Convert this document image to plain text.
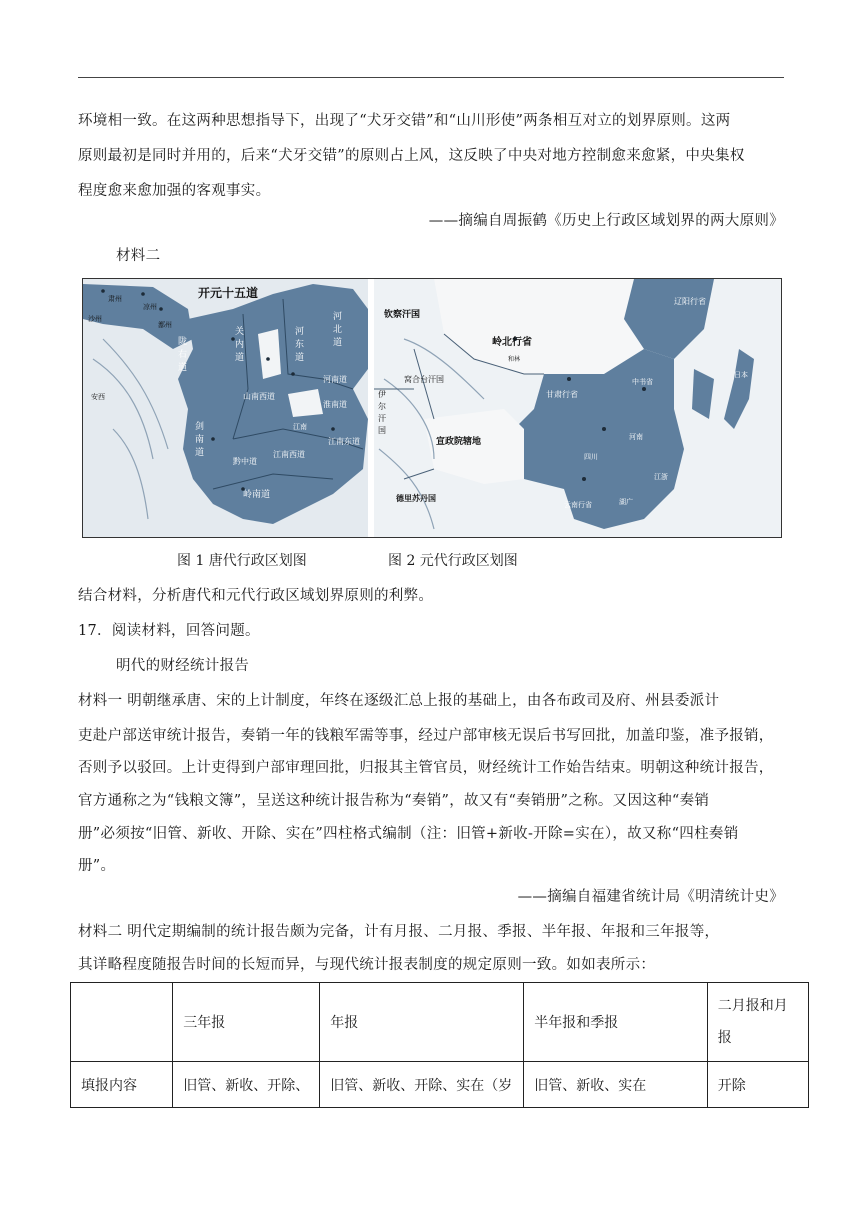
环境相一致。在这两种思想指导下，出现了“犬牙交错”和“山川形使”两条相互对立的划界原则。这两
原则最初是同时并用的，后来“犬牙交错”的原则占上风，这反映了中央对地方控制愈来愈紧，中央集权
程度愈来愈加强的客观事实。
——摘编自周振鹤《历史上行政区域划界的两大原则》
材料二
开元十五道
肃州
沙州
凉州
鄯州
陇
右
道
关
内
道
河
东
道
河
北
道
山南西道
淮南道
河南道
剑
南
道
江南东道
江南西道
黔中道
岭南道
安西
江南
钦察汗国
岭北行省
和林
窝合台汗国
伊
尔
汗
国
甘肃行省
宣政院辖地
德里苏丹国
中书省
辽阳行省
日本
河南
云南行省
江浙
湖广
四川
图 1 唐代行政区划图	图 2 元代行政区划图
结合材料，分析唐代和元代行政区域划界原则的利弊。
17．阅读材料，回答问题。
明代的财经统计报告
材料一 明朝继承唐、宋的上计制度，年终在逐级汇总上报的基础上，由各布政司及府、州县委派计
吏赴户部送审统计报告，奏销一年的钱粮军需等事，经过户部审核无误后书写回批，加盖印鉴，准予报销，
否则予以驳回。上计吏得到户部审理回批，归报其主管官员，财经统计工作始告结束。明朝这种统计报告，
官方通称之为“钱粮文簿”，呈送这种统计报告称为“奏销”，故又有“奏销册”之称。又因这种“奏销
册”必须按“旧管、新收、开除、实在”四柱格式编制（注：旧管+新收-开除=实在），故又称“四柱奏销
册”。
——摘编自福建省统计局《明清统计史》
材料二 明代定期编制的统计报告颇为完备，计有月报、二月报、季报、半年报、年报和三年报等，
其详略程度随报告时间的长短而异，与现代统计报表制度的规定原则一致。如如表所示：
	三年报	年报	半年报和季报	二月报和月报
填报内容	旧管、新收、开除、	旧管、新收、开除、实在（岁	旧管、新收、实在	开除
